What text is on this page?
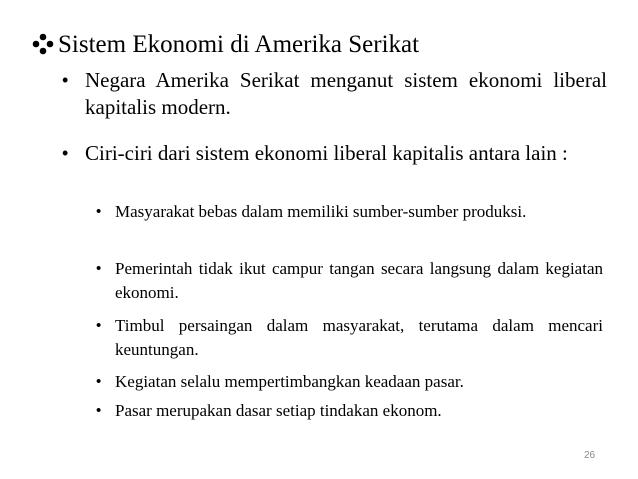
Sistem Ekonomi di Amerika Serikat
• Negara Amerika Serikat menganut sistem ekonomi liberal kapitalis modern.
• Ciri-ciri dari sistem ekonomi liberal kapitalis antara lain :
• Masyarakat bebas dalam memiliki sumber-sumber produksi.
• Pemerintah tidak ikut campur tangan secara langsung dalam kegiatan ekonomi.
• Timbul persaingan dalam masyarakat, terutama dalam mencari keuntungan.
• Kegiatan selalu mempertimbangkan keadaan pasar.
• Pasar merupakan dasar setiap tindakan ekonom.
26
